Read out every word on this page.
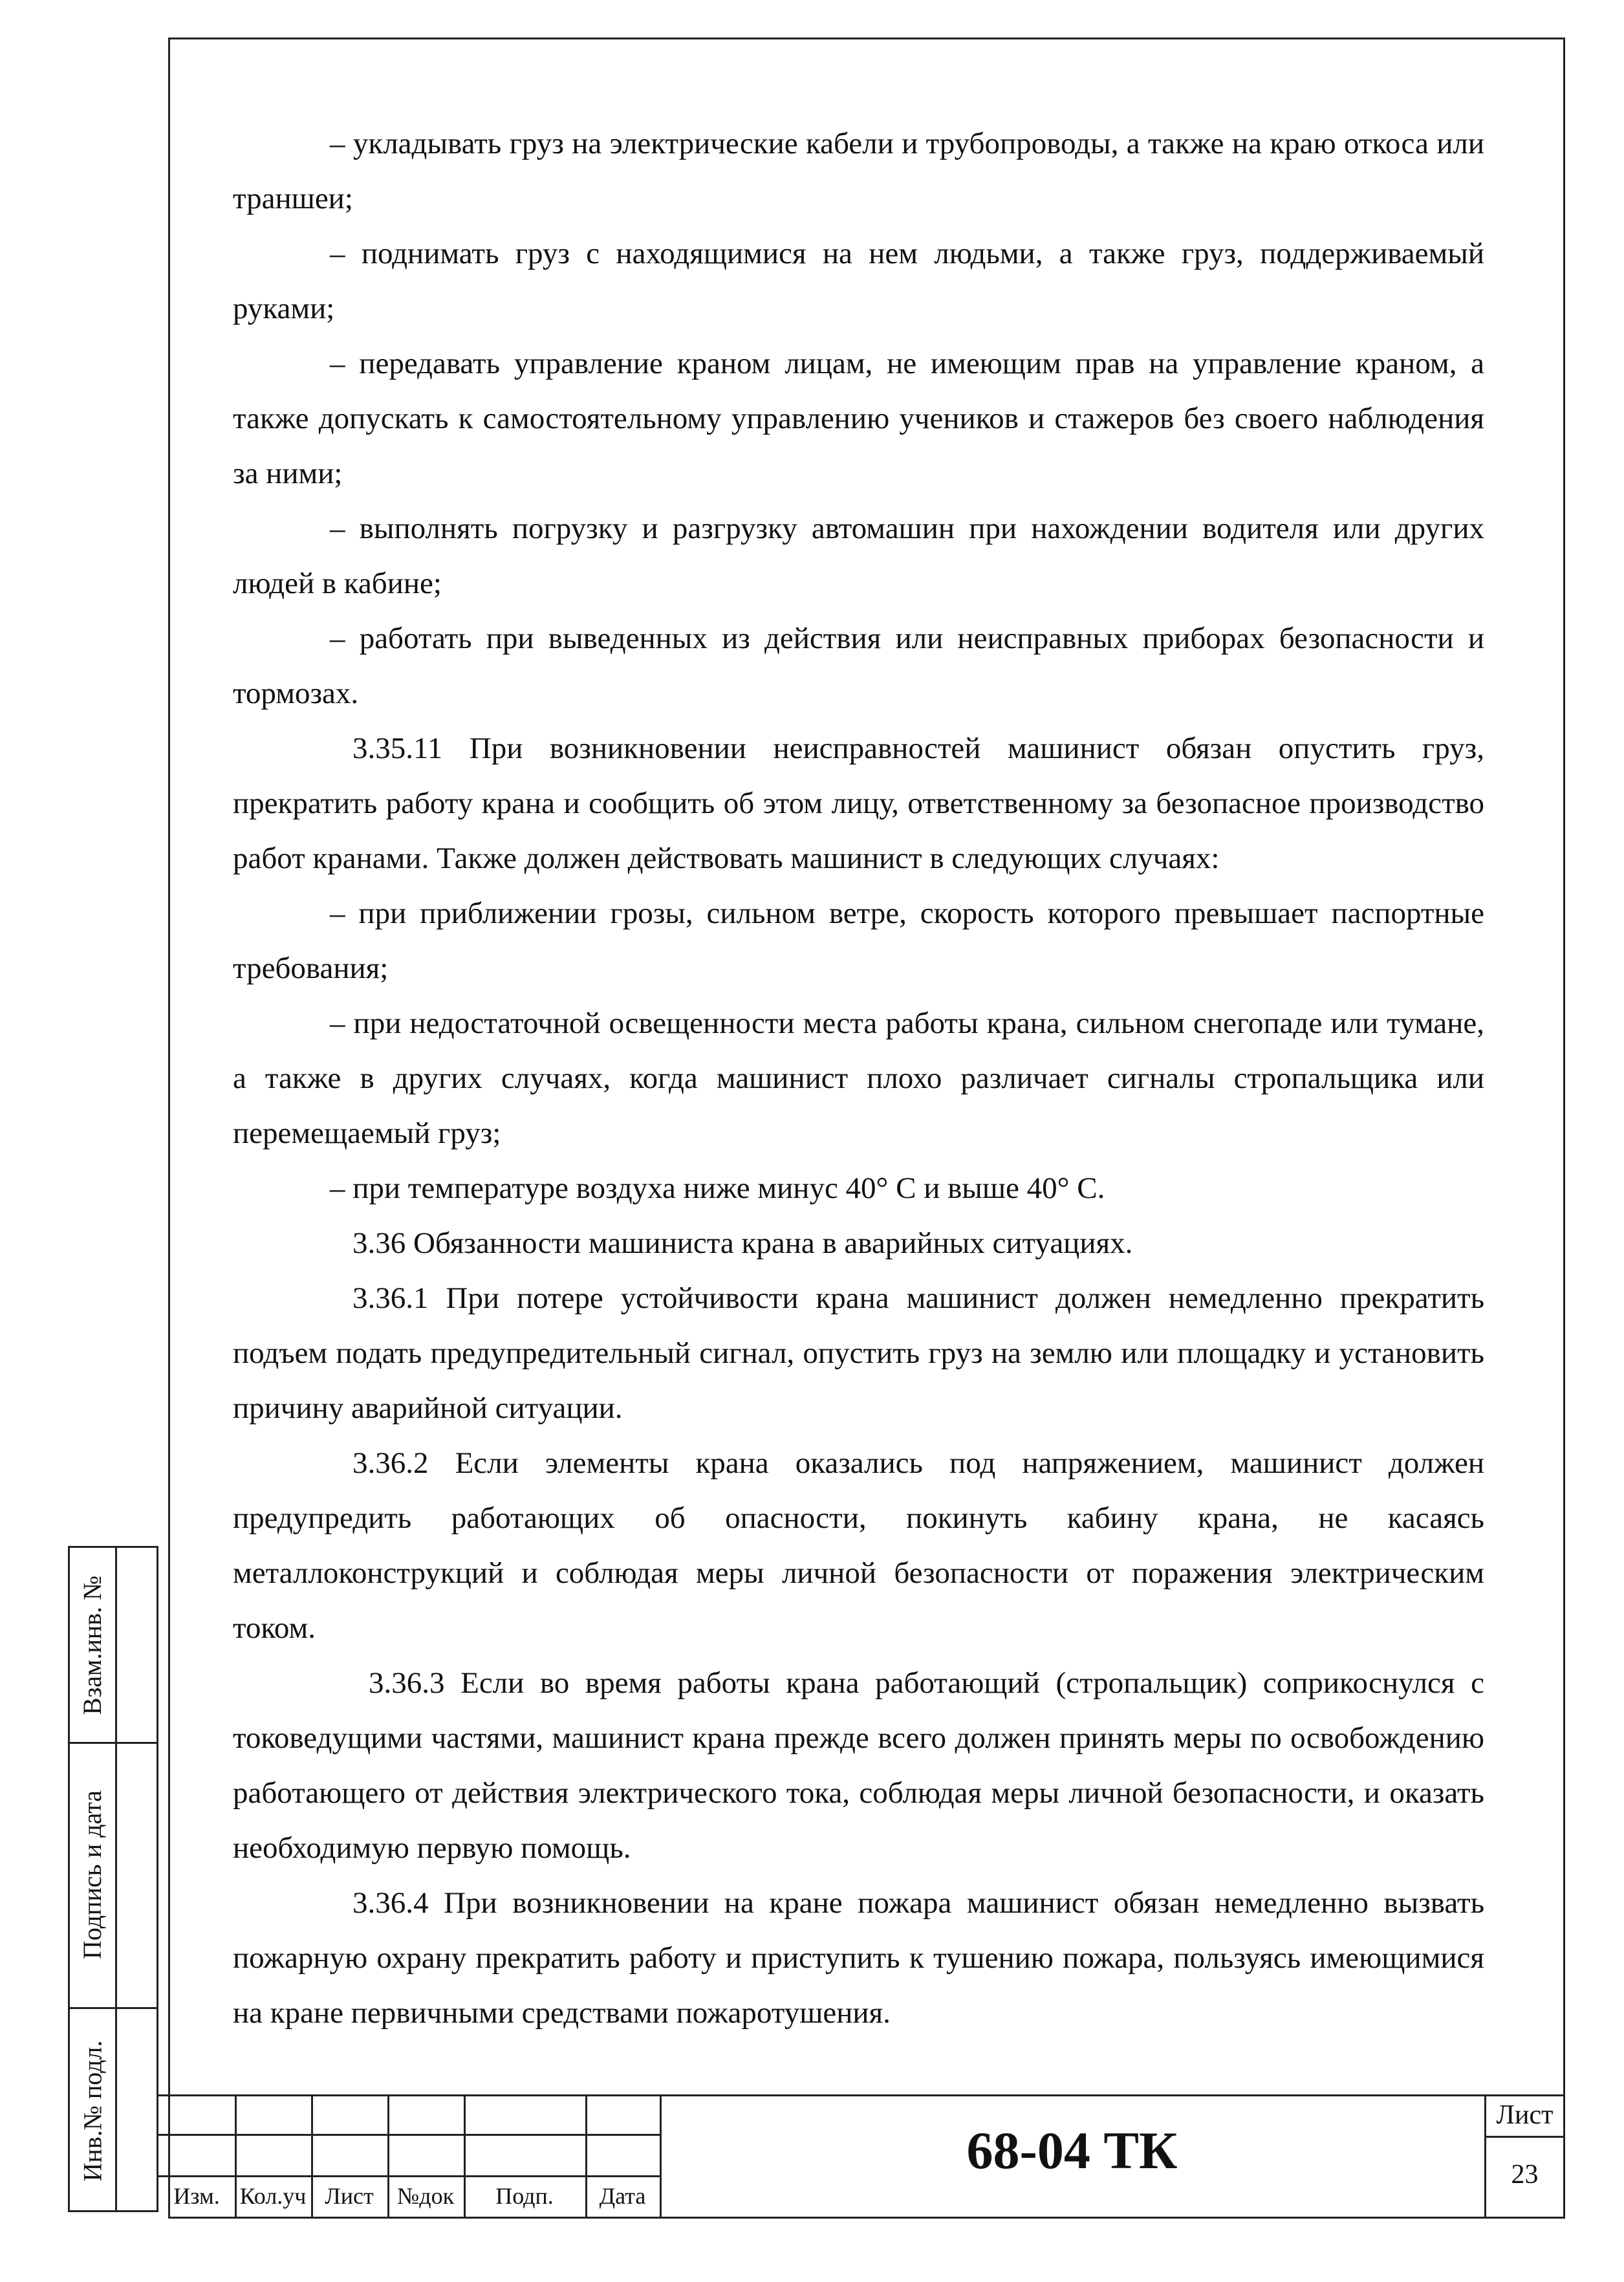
– укладывать груз на электрические кабели и трубопроводы, а также на краю откоса или траншеи;

– поднимать груз с находящимися на нем людьми, а также груз, поддерживаемый руками;

– передавать управление краном лицам, не имеющим прав на управление краном, а также допускать к самостоятельному управлению учеников и стажеров без своего наблюдения за ними;

– выполнять погрузку и разгрузку автомашин при нахождении водителя или других людей в кабине;

– работать при выведенных из действия или неисправных приборах безопасности и тормозах.

3.35.11 При возникновении неисправностей машинист обязан опустить груз, прекратить работу крана и сообщить об этом лицу, ответственному за безопасное производство работ кранами. Также должен действовать машинист в следующих случаях:

– при приближении грозы, сильном ветре, скорость которого превышает паспортные требования;

– при недостаточной освещенности места работы крана, сильном снегопаде или тумане, а также в других случаях, когда машинист плохо различает сигналы стропальщика или перемещаемый груз;

– при температуре воздуха ниже минус 40° С и выше 40° С.

3.36 Обязанности машиниста крана в аварийных ситуациях.

3.36.1 При потере устойчивости крана машинист должен немедленно прекратить подъем подать предупредительный сигнал, опустить груз на землю или площадку и установить причину аварийной ситуации.

3.36.2 Если элементы крана оказались под напряжением, машинист должен предупредить работающих об опасности, покинуть кабину крана, не касаясь металлоконструкций и соблюдая меры личной безопасности от поражения электрическим током.

3.36.3 Если во время работы крана работающий (стропальщик) соприкоснулся с токоведущими частями, машинист крана прежде всего должен принять меры по освобождению работающего от действия электрического тока, соблюдая меры личной безопасности, и оказать необходимую первую помощь.

3.36.4 При возникновении на кране пожара машинист обязан немедленно вызвать пожарную охрану прекратить работу и приступить к тушению пожара, пользуясь имеющимися на кране первичными средствами пожаротушения.

Взам.инв. №
Подпись и дата
Инв.№ подл.
Изм. Кол.уч Лист	№док	Подп.	Дата
68-04 ТК
Лист
23
